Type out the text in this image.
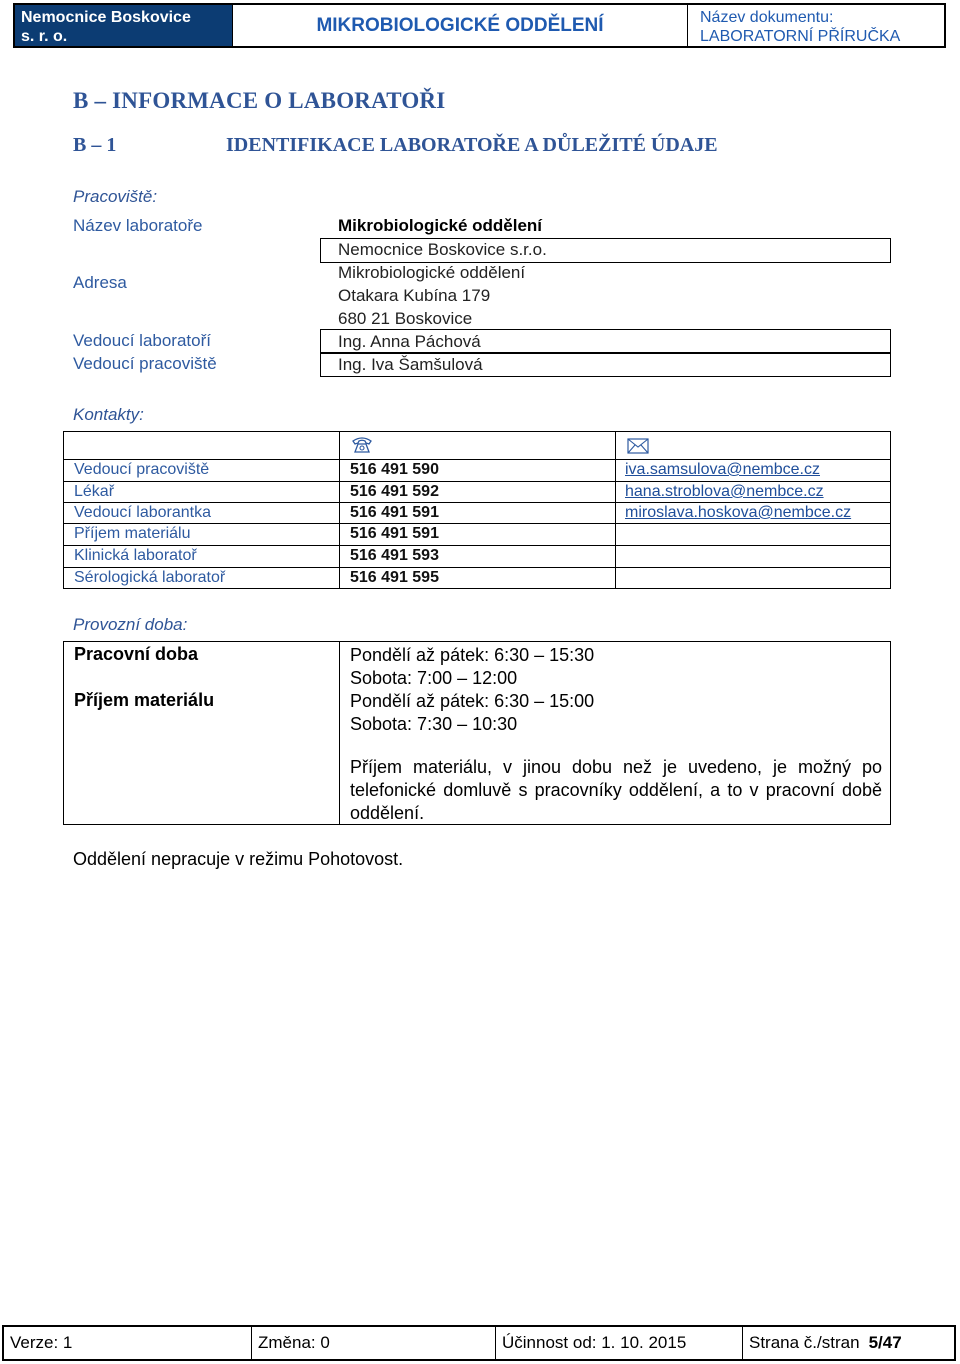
Nemocnice Boskovice
s. r. o.
MIKROBIOLOGICKÉ ODDĚLENÍ	Název dokumentu:
LABORATORNÍ PŘÍRUČKA
B – INFORMACE O LABORATOŘI
B – 1	IDENTIFIKACE LABORATOŘE A DŮLEŽITÉ ÚDAJE
Pracoviště:
Název laboratoře	Mikrobiologické oddělení
Adresa
Nemocnice Boskovice s.r.o.
Mikrobiologické oddělení
Otakara Kubína 179
680 21 Boskovice
Vedoucí laboratoří	Ing. Anna Páchová
Vedoucí pracoviště	Ing. Iva Šamšulová
Kontakty:
Vedoucí pracoviště	516 491 590	iva.samsulova@nembce.cz
Lékař	516 491 592	hana.stroblova@nembce.cz
Vedoucí laborantka	516 491 591	miroslava.hoskova@nembce.cz
Příjem materiálu	516 491 591
Klinická laboratoř	516 491 593
Sérologická laboratoř	516 491 595
Provozní doba:
Pracovní doba	Pondělí až pátek: 6:30 – 15:30
Sobota: 7:00 – 12:00
Příjem materiálu	Pondělí až pátek: 6:30 – 15:00
Sobota: 7:30 – 10:30
Příjem materiálu, v jinou dobu než je uvedeno, je možný po telefonické domluvě s pracovníky oddělení, a to v pracovní době oddělení.
Oddělení nepracuje v režimu Pohotovost.
Verze: 1	Změna: 0	Účinnost od: 1. 10. 2015	Strana č./stran 5/47
